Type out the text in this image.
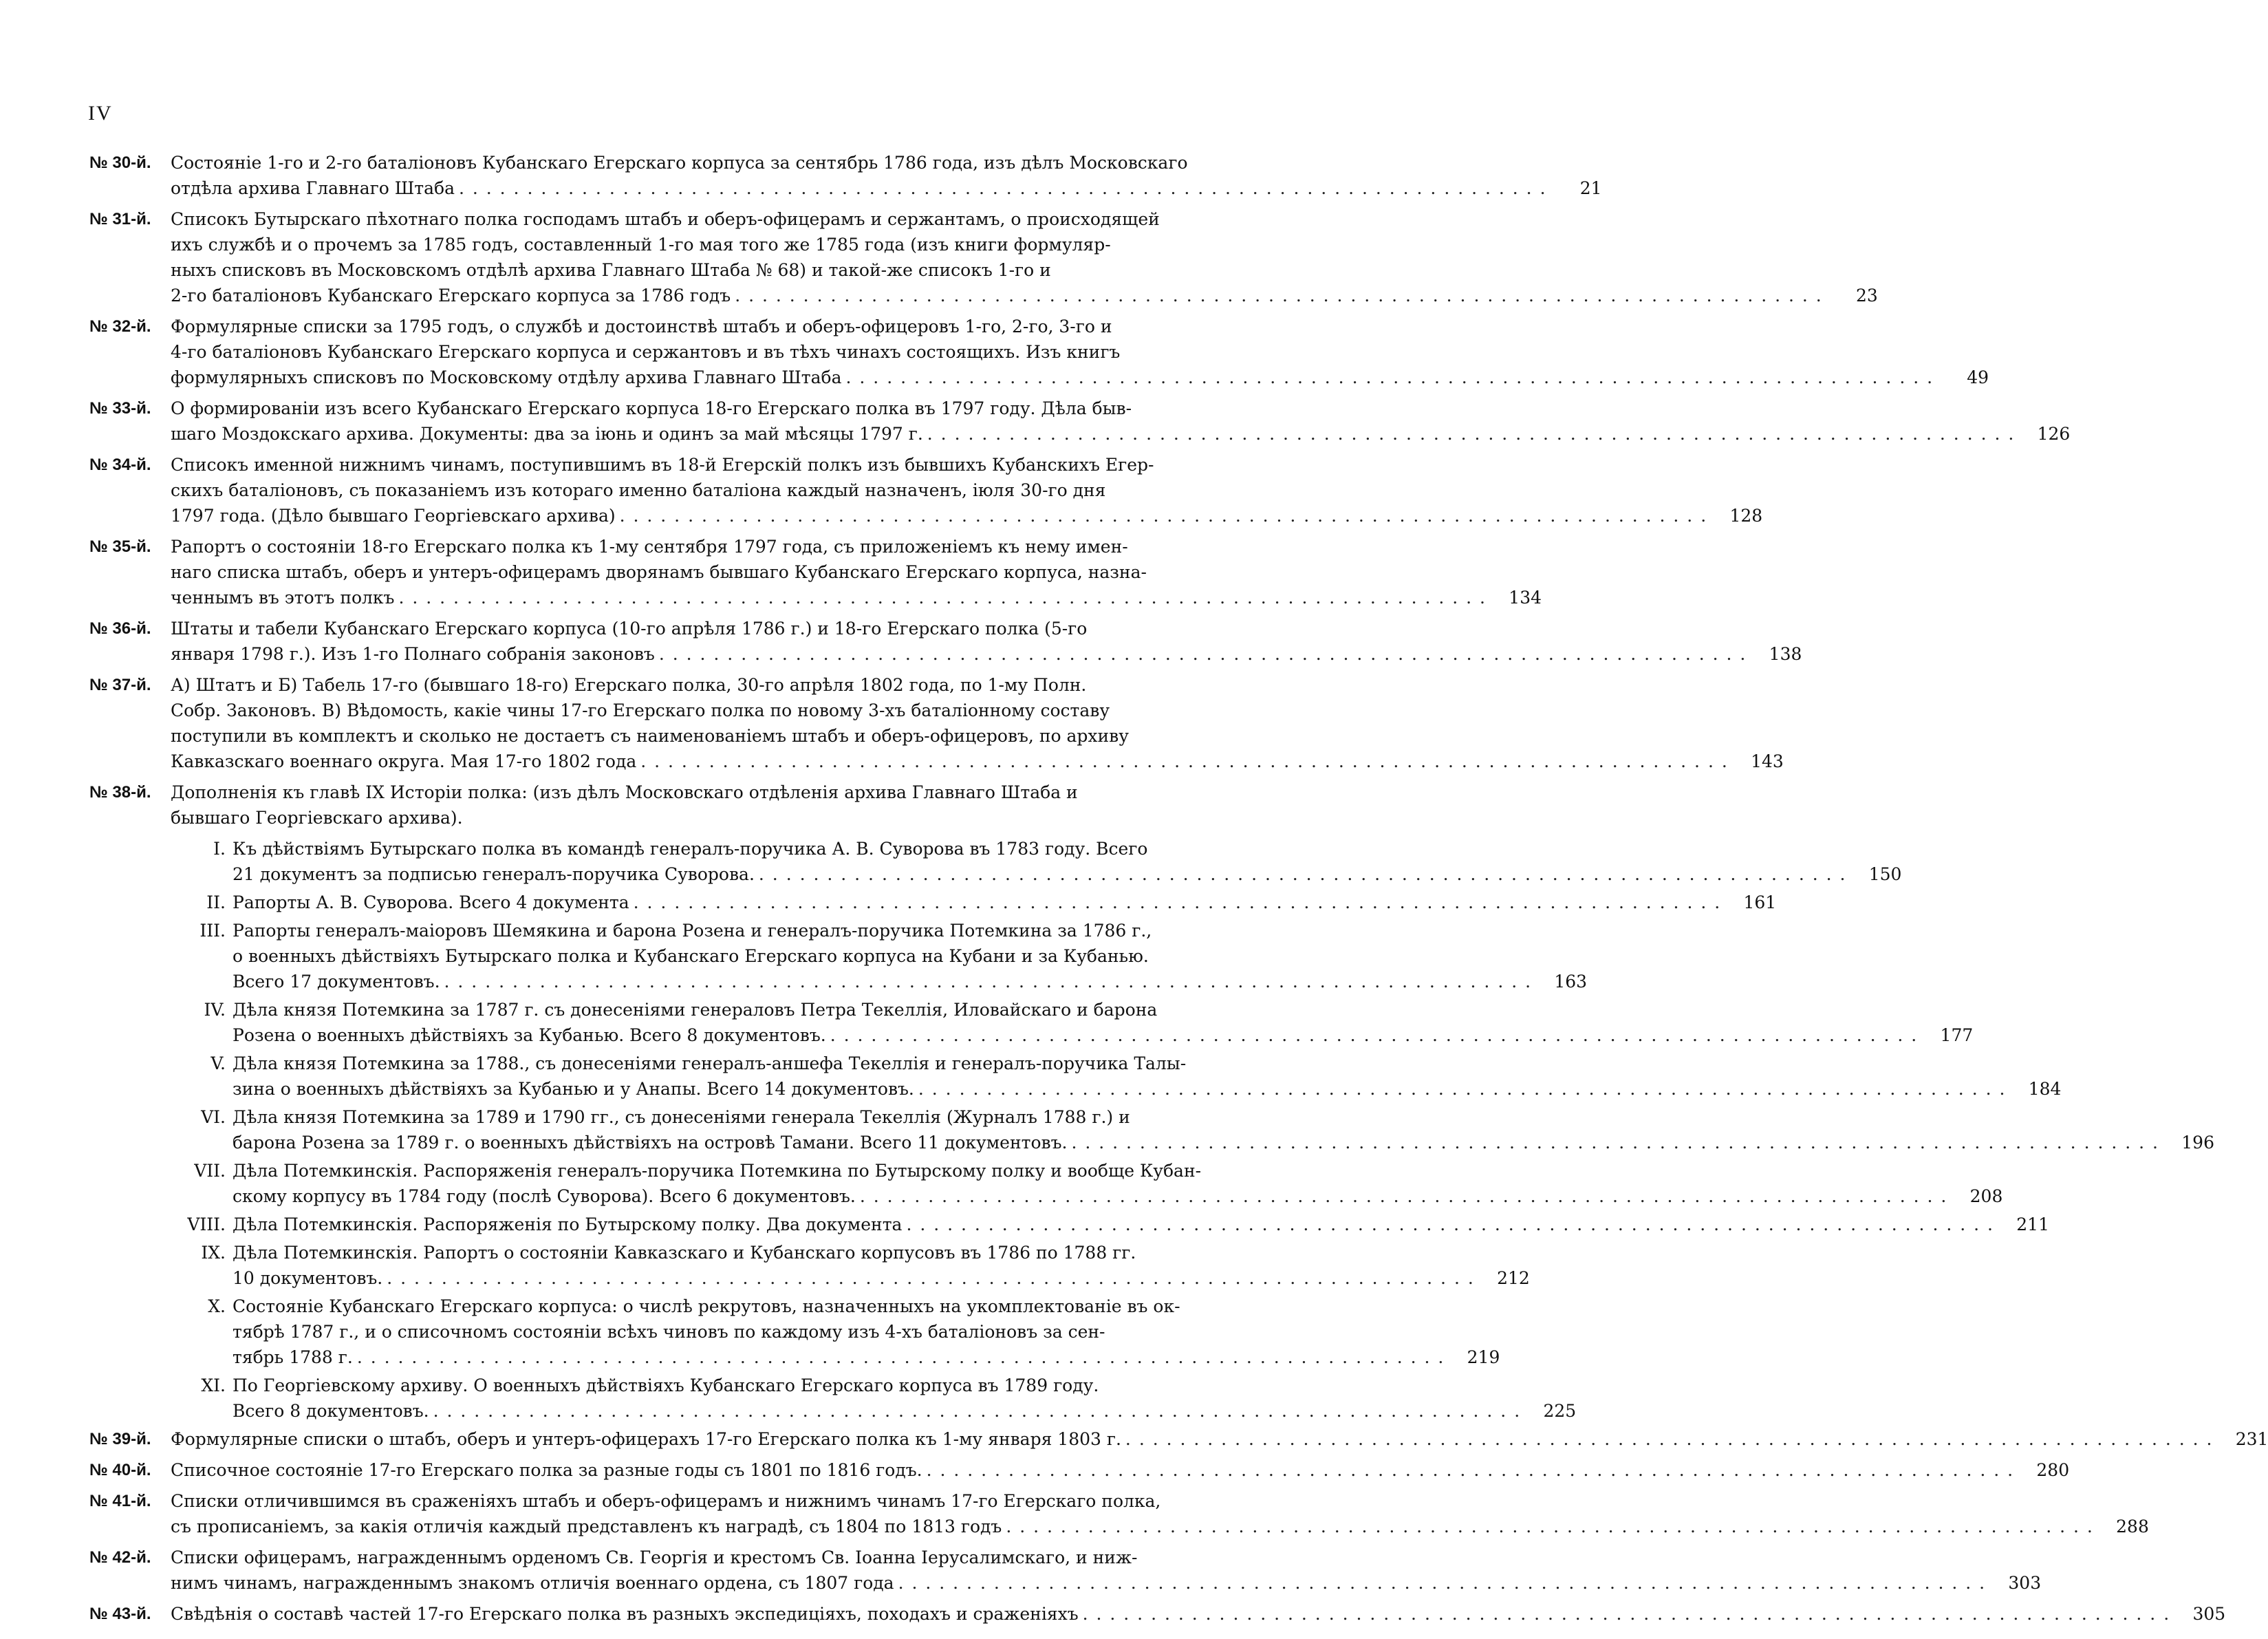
IV
№ 30-й.	Состояніе 1-го и 2-го баталіоновъ Кубанскаго Егерскаго корпуса за сентябрь 1786 года, изъ дѣлъ Московскаго
отдѣла архива Главнаго Штаба . . .	21
№ 31-й.	Списокъ Бутырскаго пѣхотнаго полка господамъ штабъ и оберъ-офицерамъ и сержантамъ, о происходящей
ихъ службѣ и о прочемъ за 1785 годъ, составленный 1-го мая того же 1785 года (изъ книги формуляр-
ныхъ списковъ въ Московскомъ отдѣлѣ архива Главнаго Штаба № 68) и такой-же списокъ 1-го и
2-го баталіоновъ Кубанскаго Егерскаго корпуса за 1786 годъ . . .	23
№ 32-й.	Формулярные списки за 1795 годъ, о службѣ и достоинствѣ штабъ и оберъ-офицеровъ 1-го, 2-го, 3-го и
4-го баталіоновъ Кубанскаго Егерскаго корпуса и сержантовъ и въ тѣхъ чинахъ состоящихъ. Изъ книгъ
формулярныхъ списковъ по Московскому отдѣлу архива Главнаго Штаба . . .	49
№ 33-й.	О формированіи изъ всего Кубанскаго Егерскаго корпуса 18-го Егерскаго полка въ 1797 году. Дѣла быв-
шаго Моздокскаго архива. Документы: два за іюнь и одинъ за май мѣсяцы 1797 г. . . .	126
№ 34-й.	Списокъ именной нижнимъ чинамъ, поступившимъ въ 18-й Егерскій полкъ изъ бывшихъ Кубанскихъ Егер-
скихъ баталіоновъ, съ показаніемъ изъ котораго именно баталіона каждый назначенъ, іюля 30-го дня
1797 года. (Дѣло бывшаго Георгіевскаго архива) . . .	128
№ 35-й.	Рапортъ о состояніи 18-го Егерскаго полка къ 1-му сентября 1797 года, съ приложеніемъ къ нему имен-
наго списка штабъ, оберъ и унтеръ-офицерамъ дворянамъ бывшаго Кубанскаго Егерскаго корпуса, назна-
ченнымъ въ этотъ полкъ . . .	134
№ 36-й.	Штаты и табели Кубанскаго Егерскаго корпуса (10-го апрѣля 1786 г.) и 18-го Егерскаго полка (5-го
января 1798 г.). Изъ 1-го Полнаго собранія законовъ . . .	138
№ 37-й.	А) Штатъ и Б) Табель 17-го (бывшаго 18-го) Егерскаго полка, 30-го апрѣля 1802 года, по 1-му Полн.
Собр. Законовъ. В) Вѣдомость, какіе чины 17-го Егерскаго полка по новому 3-хъ баталіонному составу
поступили въ комплектъ и сколько не достаетъ съ наименованіемъ штабъ и оберъ-офицеровъ, по архиву
Кавказскаго военнаго округа. Мая 17-го 1802 года . . .	143
№ 38-й.	Дополненія къ главѣ IX Исторіи полка: (изъ дѣлъ Московскаго отдѣленія архива Главнаго Штаба и
бывшаго Георгіевскаго архива).
I. Къ дѣйствіямъ Бутырскаго полка въ командѣ генералъ-поручика А. В. Суворова въ 1783 году. Всего
21 документъ за подписью генералъ-поручика Суворова. . . .	150
II. Рапорты А. В. Суворова. Всего 4 документа . . .	161
III. Рапорты генералъ-маіоровъ Шемякина и барона Розена и генералъ-поручика Потемкина за 1786 г.,
о военныхъ дѣйствіяхъ Бутырскаго полка и Кубанскаго Егерскаго корпуса на Кубани и за Кубанью.
Всего 17 документовъ. . . .	163
IV. Дѣла князя Потемкина за 1787 г. съ донесеніями генераловъ Петра Текеллія, Иловайскаго и барона
Розена о военныхъ дѣйствіяхъ за Кубанью. Всего 8 документовъ. . . .	177
V. Дѣла князя Потемкина за 1788., съ донесеніями генералъ-аншефа Текеллія и генералъ-поручика Талы-
зина о военныхъ дѣйствіяхъ за Кубанью и у Анапы. Всего 14 документовъ. . . .	184
VI. Дѣла князя Потемкина за 1789 и 1790 гг., съ донесеніями генерала Текеллія (Журналъ 1788 г.) и
барона Розена за 1789 г. о военныхъ дѣйствіяхъ на островѣ Тамани. Всего 11 документовъ. . . .	196
VII. Дѣла Потемкинскія. Распоряженія генералъ-поручика Потемкина по Бутырскому полку и вообще Кубан-
скому корпусу въ 1784 году (послѣ Суворова). Всего 6 документовъ. . . .	208
VIII. Дѣла Потемкинскія. Распоряженія по Бутырскому полку. Два документа . . .	211
IX. Дѣла Потемкинскія. Рапортъ о состояніи Кавказскаго и Кубанскаго корпусовъ въ 1786 по 1788 гг.
10 документовъ. . . .	212
X. Состояніе Кубанскаго Егерскаго корпуса: о числѣ рекрутовъ, назначенныхъ на укомплектованіе въ ок-
тябрѣ 1787 г., и о списочномъ состояніи всѣхъ чиновъ по каждому изъ 4-хъ баталіоновъ за сен-
тябрь 1788 г. . . .	219
XI. По Георгіевскому архиву. О военныхъ дѣйствіяхъ Кубанскаго Егерскаго корпуса въ 1789 году.
Всего 8 документовъ. . . .	225
№ 39-й.	Формулярные списки о штабъ, оберъ и унтеръ-офицерахъ 17-го Егерскаго полка къ 1-му января 1803 г. . . .	231
№ 40-й.	Списочное состояніе 17-го Егерскаго полка за разные годы съ 1801 по 1816 годъ. . . .	280
№ 41-й.	Списки отличившимся въ сраженіяхъ штабъ и оберъ-офицерамъ и нижнимъ чинамъ 17-го Егерскаго полка,
съ прописаніемъ, за какія отличія каждый представленъ къ наградѣ, съ 1804 по 1813 годъ . . .	288
№ 42-й.	Списки офицерамъ, награжденнымъ орденомъ Св. Георгія и крестомъ Св. Іоанна Іерусалимскаго, и ниж-
нимъ чинамъ, награжденнымъ знакомъ отличія военнаго ордена, съ 1807 года . . .	303
№ 43-й.	Свѣдѣнія о составѣ частей 17-го Егерскаго полка въ разныхъ экспедиціяхъ, походахъ и сраженіяхъ . . .	305
